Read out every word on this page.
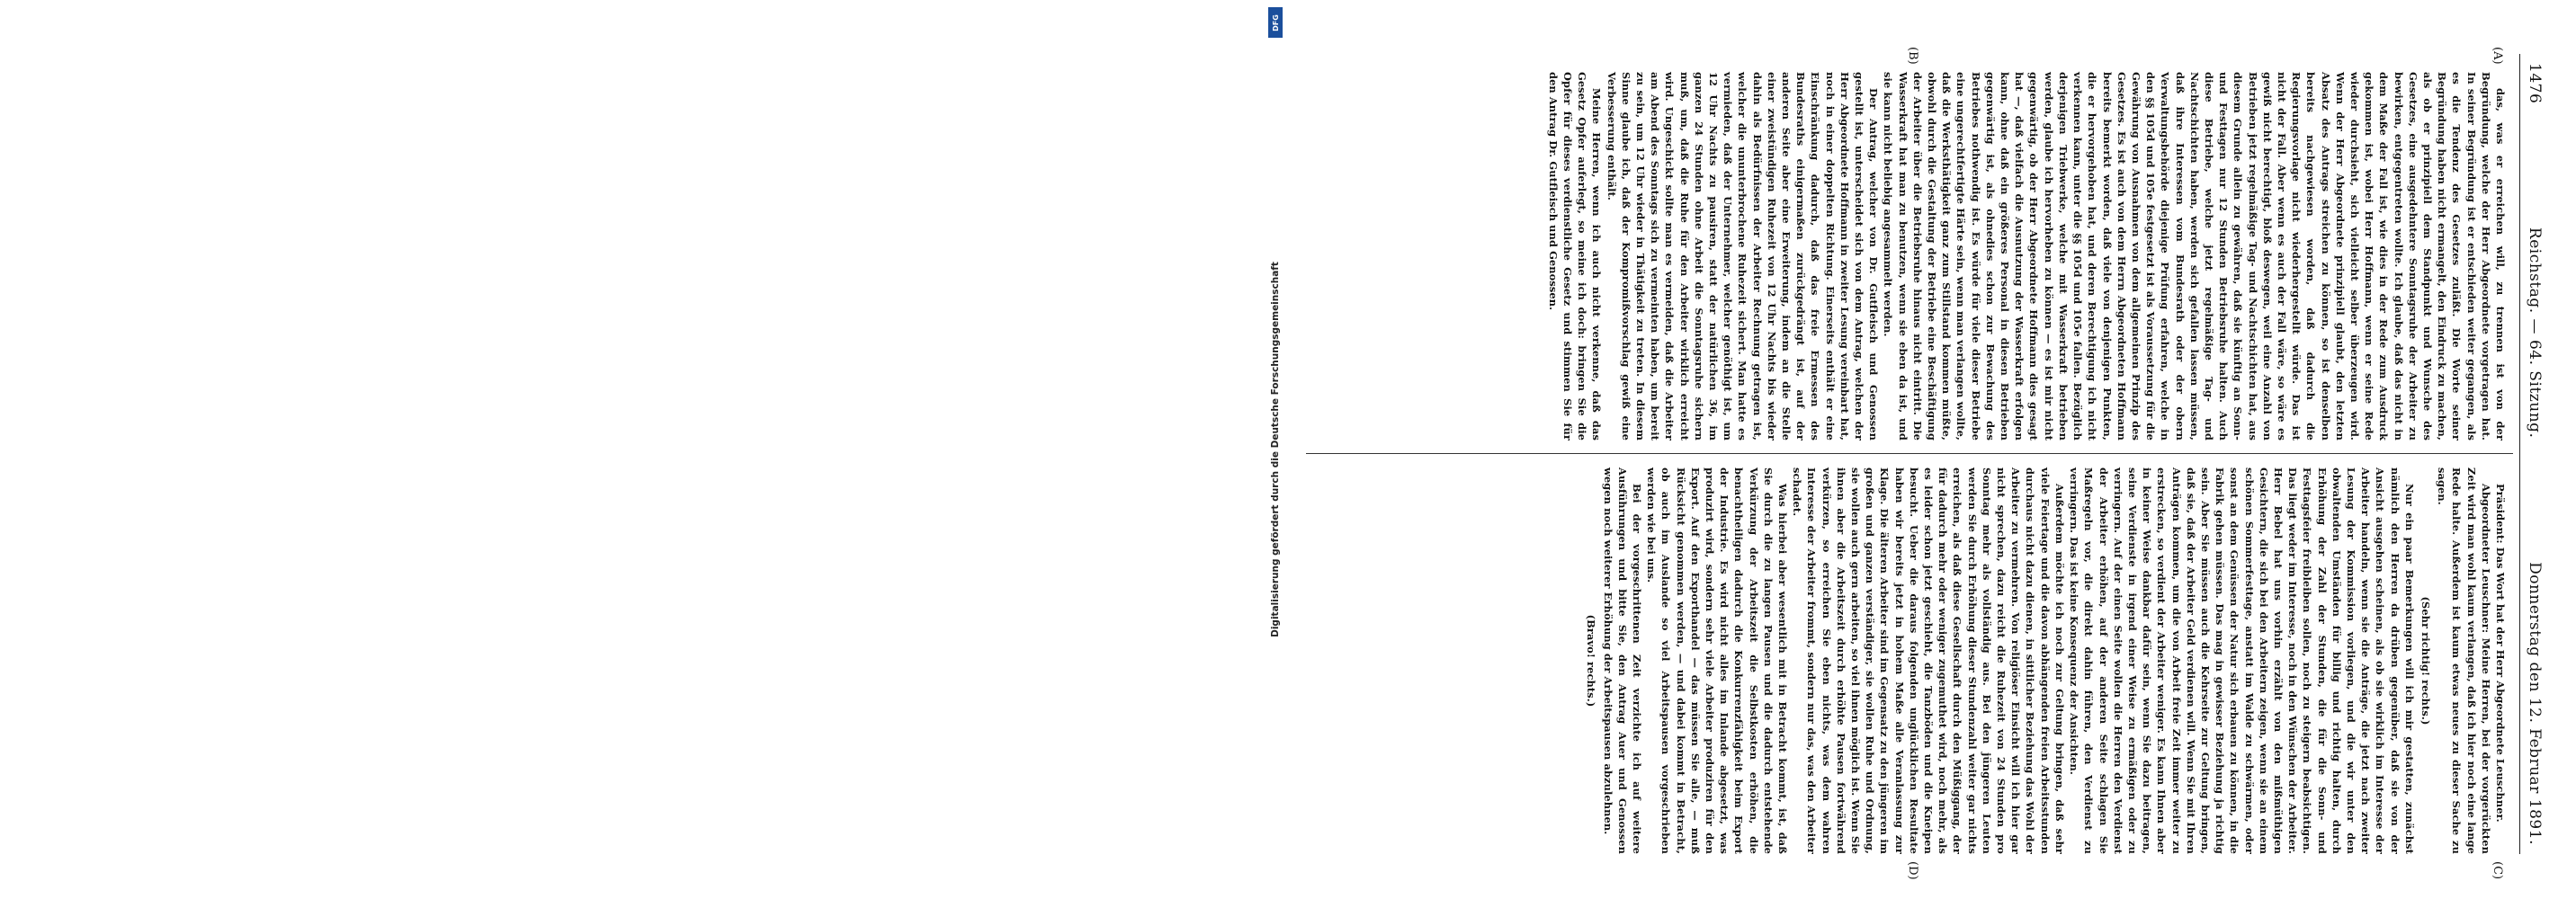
1476
Reichstag. — 64. Sitzung.
Donnerstag den 12. Februar 1891.
(A)
(B)
(C)
(D)

das, was er erreichen will, zu trennen ist von der Begründung, welche der Herr Abgeordnete vorgetragen hat. In seiner Begründung ist er entschieden weiter gegangen, als es die Tendenz des Gesetzes zuläßt. Die Worte seiner Begründung haben nicht ermangelt, den Eindruck zu machen, als ob er prinzipiell dem Standpunkt und Wunsche des Gesetzes, eine ausgedehntere Sonntagsruhe der Arbeiter zu bewirken, entgegentreten wollte. Ich glaube, daß das nicht in dem Maße der Fall ist, wie dies in der Rede zum Ausdruck gekommen ist, wobei Herr Hoffmann, wenn er seine Rede wieder durchsieht, sich vielleicht selber überzeugen wird. Wenn der Herr Abgeordnete prinzipiell glaubt, den letzten Absatz des Antrags streichen zu können, so ist denselben bereits nachgewiesen worden, daß dadurch die Regierungsvorlage nicht wiederhergestellt würde. Das ist nicht der Fall. Aber wenn es auch der Fall wäre, so wäre es gewiß nicht berechtigt, bloß deswegen, weil eine Anzahl von Betrieben jetzt regelmäßige Tag- und Nachtschichten hat, aus diesem Grunde allein zu gewähren, daß sie künftig an Sonn- und Festtagen nur 12 Stunden Betriebsruhe halten. Auch diese Betriebe, welche jetzt regelmäßige Tag- und Nachtschichten haben, werden sich gefallen lassen müssen, daß ihre Interessen vom Bundesrath oder der obern Verwaltungsbehörde diejenige Prüfung erfahren, welche in den §§ 105d und 105e festgesetzt ist als Voraussetzung für die Gewährung von Ausnahmen von dem allgemeinen Prinzip des Gesetzes. Es ist auch von dem Herrn Abgeordneten Hoffmann bereits bemerkt worden, daß viele von denjenigen Punkten, die er hervorgehoben hat, und deren Berechtigung ich nicht verkennen kann, unter die §§ 105d und 105e fallen. Bezüglich derjenigen Triebwerke, welche mit Wasserkraft betrieben werden, glaube ich hervorheben zu können — es ist mir nicht gegenwärtig, ob der Herr Abgeordnete Hoffmann dies gesagt hat —, daß vielfach die Ausnutzung der Wasserkraft erfolgen kann, ohne daß ein größeres Personal in diesen Betrieben gegenwärtig ist, als ohnedies schon zur Bewachung des Betriebes nothwendig ist. Es würde für viele dieser Betriebe eine ungerechtfertigte Härte sein, wenn man verlangen wollte, daß die Werksthätigkeit ganz zum Stillstand kommen müßte, obwohl durch die Gestaltung der Betriebe eine Beschäftigung der Arbeiter über die Betriebsruhe hinaus nicht eintritt. Die Wasserkraft hat man zu benutzen, wenn sie eben da ist, und sie kann nicht beliebig angesammelt werden.

Der Antrag, welcher von Dr. Gutfleisch und Genossen gestellt ist, unterscheidet sich von dem Antrag, welchen der Herr Abgeordnete Hoffmann in zweiter Lesung vereinbart hat, noch in einer doppelten Richtung. Einerseits enthält er eine Einschränkung dadurch, daß das freie Ermessen des Bundesraths einigermaßen zurückgedrängt ist, auf der anderen Seite aber eine Erweiterung, indem an die Stelle einer zweistündigen Ruhezeit von 12 Uhr Nachts bis wieder dahin als Bedürfnissen der Arbeiter Rechnung getragen ist, welcher die ununterbrochene Ruhezeit sichert. Man hatte es vermieden, daß der Unternehmer, welcher genöthigt ist, um 12 Uhr Nachts zu pausiren, statt der natürlichen 36, im ganzen 24 Stunden ohne Arbeit die Sonntagsruhe sichern muß, um, daß die Ruhe für den Arbeiter wirklich erreicht wird. Ungeschickt sollte man es vermeiden, daß die Arbeiter am Abend des Sonntags sich zu vermeinten haben, um bereit zu sein, um 12 Uhr wieder in Thätigkeit zu treten. In diesem Sinne glaube ich, daß der Kompromißvorschlag gewiß eine Verbesserung enthält.

Meine Herren, wenn ich auch nicht verkenne, daß das Gesetz Opfer auferlegt, so meine ich doch: bringen Sie die Opfer für dieses verdienstliche Gesetz und stimmen Sie für den Antrag Dr. Gutfleisch und Genossen.

Präsident: Das Wort hat der Herr Abgeordnete Leuschner.

Abgeordneter Leuschner: Meine Herren, bei der vorgerückten Zeit wird man wohl kaum verlangen, daß ich hier noch eine lange Rede halte. Außerdem ist kaum etwas neues zu dieser Sache zu sagen.

(Sehr richtig! rechts.)

Nur ein paar Bemerkungen will ich mir gestatten, zunächst nämlich den Herren da drüben gegenüber, daß sie von der Ansicht ausgehen scheinen, als ob sie wirklich im Interesse der Arbeiter handeln, wenn sie die Anträge, die jetzt nach zweiter Lesung der Kommission vorliegen, und die wir unter den obwaltenden Umständen für billig und richtig halten, durch Erhöhung der Zahl der Stunden, die für die Sonn- und Festtagsfeier freibleiben sollen, noch zu steigern beabsichtigen. Das liegt weder im Interesse, noch in den Wünschen der Arbeiter. Herr Bebel hat uns vorhin erzählt von den mißmüthigen Gesichtern, die sich bei den Arbeitern zeigen, wenn sie an einem schönen Sommerfesttage, anstatt im Walde zu schwärmen, oder sonst an dem Genüssen der Natur sich erbauen zu können, in die Fabrik gehen müssen. Das mag in gewisser Beziehung ja richtig sein. Aber Sie müssen auch die Kehrseite zur Geltung bringen, daß sie, daß der Arbeiter Geld verdienen will. Wenn Sie mit Ihren Anträgen kommen, um die von Arbeit freie Zeit immer weiter zu erstrecken, so verdient der Arbeiter weniger. Es kann Ihnen aber in keiner Weise dankbar dafür sein, wenn Sie dazu beitragen, seine Verdienste in irgend einer Weise zu ermäßigen oder zu verringern. Auf der einen Seite wollen die Herren den Verdienst der Arbeiter erhöhen, auf der anderen Seite schlagen Sie Maßregeln vor, die direkt dahin führen, den Verdienst zu verringern. Das ist keine Konsequenz der Ansichten.

Außerdem möchte ich noch zur Geltung bringen, daß sehr viele Feiertage und die davon abhängenden freien Arbeitsstunden durchaus nicht dazu dienen, in sittlicher Beziehung das Wohl der Arbeiter zu vermehren. Von religiöser Einsicht will ich hier gar nicht sprechen, dazu reicht die Ruhezeit von 24 Stunden pro Sonntag mehr als vollständig aus. Bei den jüngeren Leuten werden Sie durch Erhöhung dieser Stundenzahl weiter gar nichts erreichen, als daß diese Gesellschaft durch den Müßiggang, der für dadurch mehr oder weniger zugemuthet wird, noch mehr, als es leider schon jetzt geschieht, die Tanzböden und die Kneipen besucht. Ueber die daraus folgenden unglücklichen Resultate haben wir bereits jetzt in hohem Maße alle Veranlassung zur Klage. Die älteren Arbeiter sind im Gegensatz zu den jüngeren im großen und ganzen verständiger, sie wollen Ruhe und Ordnung, sie wollen auch gern arbeiten, so viel ihnen möglich ist. Wenn Sie ihnen aber die Arbeitszeit durch erhöhte Pausen fortwährend verkürzen, so erreichen Sie eben nichts, was dem wahren Interesse der Arbeiter frommt, sondern nur das, was den Arbeiter schadet.

Was hierbei aber wesentlich mit in Betracht kommt, ist, daß Sie durch die zu langen Pausen und die dadurch entstehende Verkürzung der Arbeitszeit die Selbstkosten erhöhen, die benachtheiligen dadurch die Konkurrenzfähigkeit beim Export der Industrie. Es wird nicht alles im Inlande abgesetzt, was produzirt wird, sondern sehr viele Arbeiter produziren für den Export. Auf den Exporthandel — das müssen Sie alle, — muß Rücksicht genommen werden, — und dabei kommt in Betracht, ob auch im Auslande so viel Arbeitspausen vorgeschrieben werden wie bei uns.

Bei der vorgeschrittenen Zeit verzichte ich auf weitere Ausführungen und bitte Sie, den Antrag Auer und Genossen wegen noch weiterer Erhöhung der Arbeitspausen abzulehnen.

(Bravo! rechts.)

Digitalisierung gefördert durch die Deutsche Forschungsgemeinschaft
DFG
